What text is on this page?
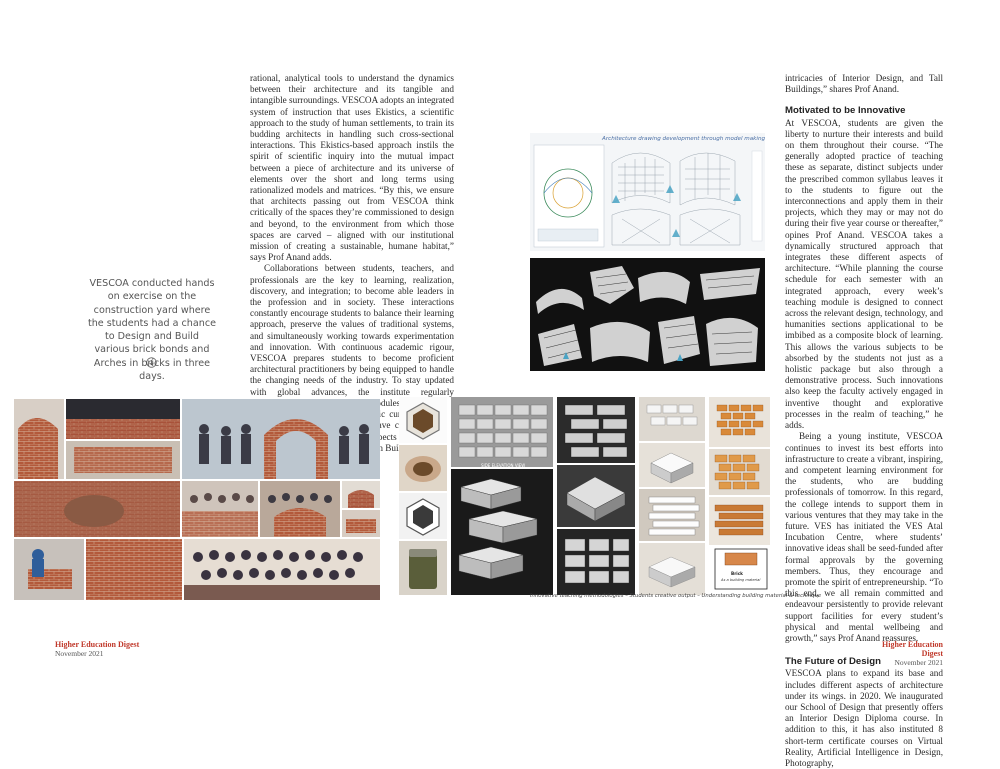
rational, analytical tools to understand the dynamics between their architecture and its tangible and intangible surroundings. VESCOA adopts an integrated system of instruction that uses Ekistics, a scientific approach to the study of human settlements, to train its budding architects in handling such cross-sectional interactions. This Ekistics-based approach instils the spirit of scientific inquiry into the mutual impact between a piece of architecture and its universe of elements over the short and long terms using rationalized models and matrices. “By this, we ensure that architects passing out from VESCOA think critically of the spaces they’re commissioned to design and beyond, to the environment from which those spaces are carved – aligned with our institutional mission of creating a sustainable, humane habitat,” says Prof Anand adds.

Collaborations between students, teachers, and professionals are the key to learning, realization, discovery, and integration; to become able leaders in the profession and in society. These interactions constantly encourage students to balance their learning approach, preserve the values of traditional systems, and simultaneously working towards experimentation and innovation. With continuous academic rigour, VESCOA prepares students to become proficient architectural practitioners by being equipped to handle the changing needs of the industry. To stay updated with global advances, the institute regularly modules have aspects

intricacies of Interior Design, and Tall Buildings,” shares Prof Anand.

Motivated to be Innovative

At VESCOA, students are given the liberty to nurture their interests and build on them throughout their course. “The generally adopted practice of teaching these as separate, distinct subjects under the prescribed common syllabus leaves it to the students to figure out the interconnections and apply them in their projects, which they may or may not do during their five year course or thereafter,” opines Prof Anand. VESCOA takes a dynamically structured approach that integrates these different aspects of architecture. “While planning the course schedule for each semester with an integrated approach, every week’s teaching module is designed to connect across the relevant design, technology, and humanities sections applicational to be imbibed as a composite block of learning. This allows the various subjects to be absorbed by the students not just as a holistic package but also through a demonstrative process. Such innovations also keep the faculty actively engaged in inventive thought and explorative processes in the realm of teaching,” he adds.

Being a young institute, VESCOA continues to invest its best efforts into infrastructure to create a vibrant, inspiring, and competent learning environment for the students, who are budding professionals of tomorrow. In this regard, the college intends to support them in various ventures that they may take in the future. VES has initiated the VES Atal Incubation Centre, where students’ innovative ideas shall be seed-funded after formal approvals by the governing members. Thus, they encourage and promote the spirit of entrepreneurship. “To this end, we all remain committed and endeavour persistently to provide relevant support facilities for every student’s physical and mental wellbeing and growth,” says Prof Anand reassures.

The Future of Design

VESCOA plans to expand its base and includes different aspects of architecture under its wings. in 2020. We inaugurated our School of Design that presently offers an Interior Design Diploma course. In addition to this, it has also instituted 8 short-term certificate courses on Virtual Reality, Artificial Intelligence in Design, Photography,

VESCOA conducted hands on exercise on the construction yard where the students had a chance to Design and Build various brick bonds and Arches in bricks in three days.
Architecture drawing development through model making
SIDE ELEVATION VIEW
Brick
As a building material
Innovative teaching methodologies – Students creative output – Understanding building material & technique
Higher Education Digest
November 2021
Higher Education Digest
November 2021
